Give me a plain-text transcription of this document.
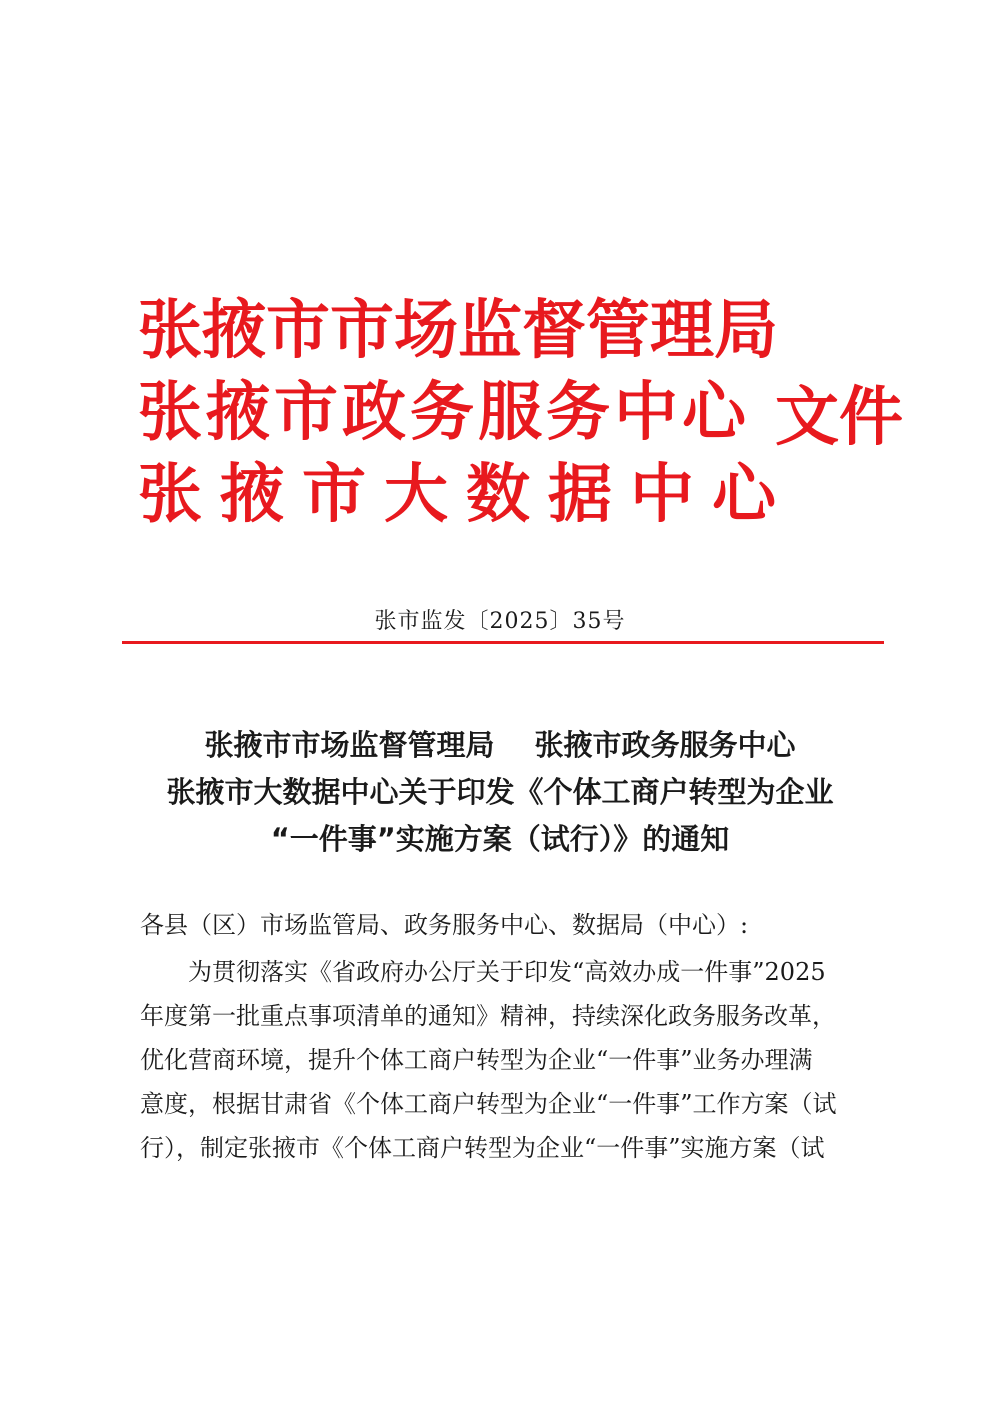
张掖市市场监督管理局
张掖市政务服务中心
张掖市大数据中心
文件
张市监发〔2025〕35号
张掖市市场监督管理局 张掖市政务服务中心
张掖市大数据中心关于印发《个体工商户转型为企业
“一件事”实施方案（试行）》的通知
各县（区）市场监管局、政务服务中心、数据局（中心）:
为贯彻落实《省政府办公厅关于印发“高效办成一件事”2025
年度第一批重点事项清单的通知》精神，持续深化政务服务改革，
优化营商环境，提升个体工商户转型为企业“一件事”业务办理满
意度，根据甘肃省《个体工商户转型为企业“一件事”工作方案（试
行），制定张掖市《个体工商户转型为企业“一件事”实施方案（试
